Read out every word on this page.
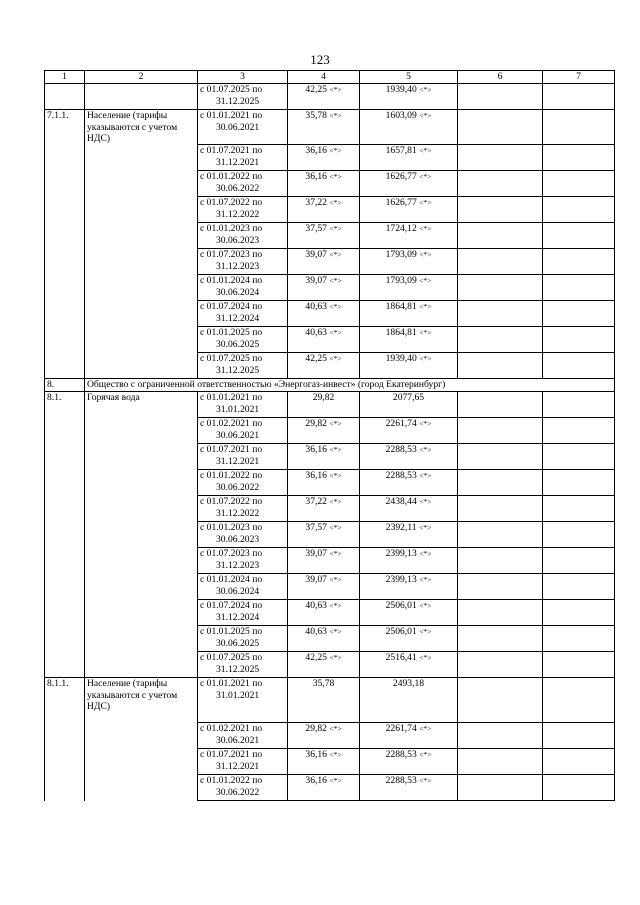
123
1	2	3	4	5	6	7

		с 01.07.2025 по
31.12.2025	42,25 <*>	1939,40 <*>		
7.1.1.	Население (тарифы указываются с учетом НДС)	с 01.01.2021 по
30.06.2021	35,78 <*>	1603,09 <*>		

		с 01.07.2021 по
31.12.2021	36,16 <*>	1657,81 <*>		

		с 01.01.2022 по
30.06.2022	36,16 <*>	1626,77 <*>		

		с 01.07.2022 по
31.12.2022	37,22 <*>	1626,77 <*>		

		с 01.01.2023 по
30.06.2023	37,57 <*>	1724,12 <*>		

		с 01.07.2023 по
31.12.2023	39,07 <*>	1793,09 <*>		

		с 01.01.2024 по
30.06.2024	39,07 <*>	1793,09 <*>		

		с 01.07.2024 по
31.12.2024	40,63 <*>	1864,81 <*>		

		с 01.01.2025 по
30.06.2025	40,63 <*>	1864,81 <*>		

		с 01.07.2025 по
31.12.2025	42,25 <*>	1939,40 <*>		
8.	Общество с ограниченной ответственностью «Энергогаз-инвест» (город Екатеринбург)					
8.1.	Горячая вода	с 01.01.2021 по
31.01.2021	29,82	2077,65		

		с 01.02.2021 по
30.06.2021	29,82 <*>	2261,74 <*>		

		с 01.07.2021 по
31.12.2021	36,16 <*>	2288,53 <*>		

		с 01.01.2022 по
30.06.2022	36,16 <*>	2288,53 <*>		

		с 01.07.2022 по
31.12.2022	37,22 <*>	2438,44 <*>		

		с 01.01.2023 по
30.06.2023	37,57 <*>	2392,11 <*>		

		с 01.07.2023 по
31.12.2023	39,07 <*>	2399,13 <*>		

		с 01.01.2024 по
30.06.2024	39,07 <*>	2399,13 <*>		

		с 01.07.2024 по
31.12.2024	40,63 <*>	2506,01 <*>		

		с 01.01.2025 по
30.06.2025	40,63 <*>	2506,01 <*>		

		с 01.07.2025 по
31.12.2025	42,25 <*>	2516,41 <*>		
8.1.1.	Население (тарифы указываются с учетом НДС)	с 01.01.2021 по
31.01.2021	35,78	2493,18		

		с 01.02.2021 по
30.06.2021	29,82 <*>	2261,74 <*>		

		с 01.07.2021 по
31.12.2021	36,16 <*>	2288,53 <*>		

		с 01.01.2022 по
30.06.2022	36,16 <*>	2288,53 <*>		
